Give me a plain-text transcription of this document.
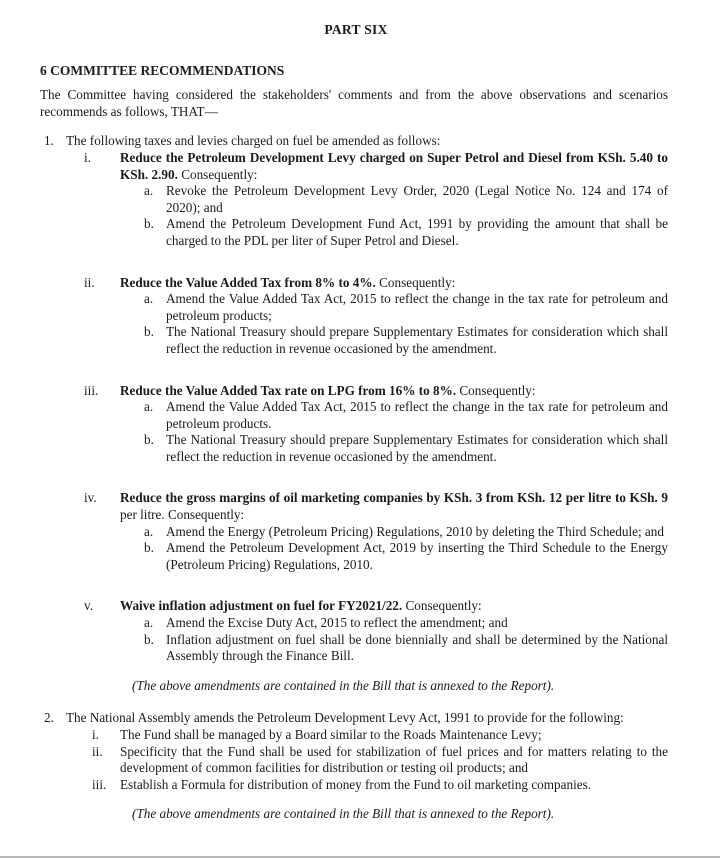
PART SIX
6 COMMITTEE RECOMMENDATIONS
The Committee having considered the stakeholders' comments and from the above observations and scenarios recommends as follows, THAT—
1. The following taxes and levies charged on fuel be amended as follows:
i. Reduce the Petroleum Development Levy charged on Super Petrol and Diesel from KSh. 5.40 to KSh. 2.90. Consequently:
a. Revoke the Petroleum Development Levy Order, 2020 (Legal Notice No. 124 and 174 of 2020); and
b. Amend the Petroleum Development Fund Act, 1991 by providing the amount that shall be charged to the PDL per liter of Super Petrol and Diesel.
ii. Reduce the Value Added Tax from 8% to 4%. Consequently:
a. Amend the Value Added Tax Act, 2015 to reflect the change in the tax rate for petroleum and petroleum products;
b. The National Treasury should prepare Supplementary Estimates for consideration which shall reflect the reduction in revenue occasioned by the amendment.
iii. Reduce the Value Added Tax rate on LPG from 16% to 8%. Consequently:
a. Amend the Value Added Tax Act, 2015 to reflect the change in the tax rate for petroleum and petroleum products.
b. The National Treasury should prepare Supplementary Estimates for consideration which shall reflect the reduction in revenue occasioned by the amendment.
iv. Reduce the gross margins of oil marketing companies by KSh. 3 from KSh. 12 per litre to KSh. 9 per litre. Consequently:
a. Amend the Energy (Petroleum Pricing) Regulations, 2010 by deleting the Third Schedule; and
b. Amend the Petroleum Development Act, 2019 by inserting the Third Schedule to the Energy (Petroleum Pricing) Regulations, 2010.
v. Waive inflation adjustment on fuel for FY2021/22. Consequently:
a. Amend the Excise Duty Act, 2015 to reflect the amendment; and
b. Inflation adjustment on fuel shall be done biennially and shall be determined by the National Assembly through the Finance Bill.
(The above amendments are contained in the Bill that is annexed to the Report).
2. The National Assembly amends the Petroleum Development Levy Act, 1991 to provide for the following:
i. The Fund shall be managed by a Board similar to the Roads Maintenance Levy;
ii. Specificity that the Fund shall be used for stabilization of fuel prices and for matters relating to the development of common facilities for distribution or testing oil products; and
iii. Establish a Formula for distribution of money from the Fund to oil marketing companies.
(The above amendments are contained in the Bill that is annexed to the Report).
